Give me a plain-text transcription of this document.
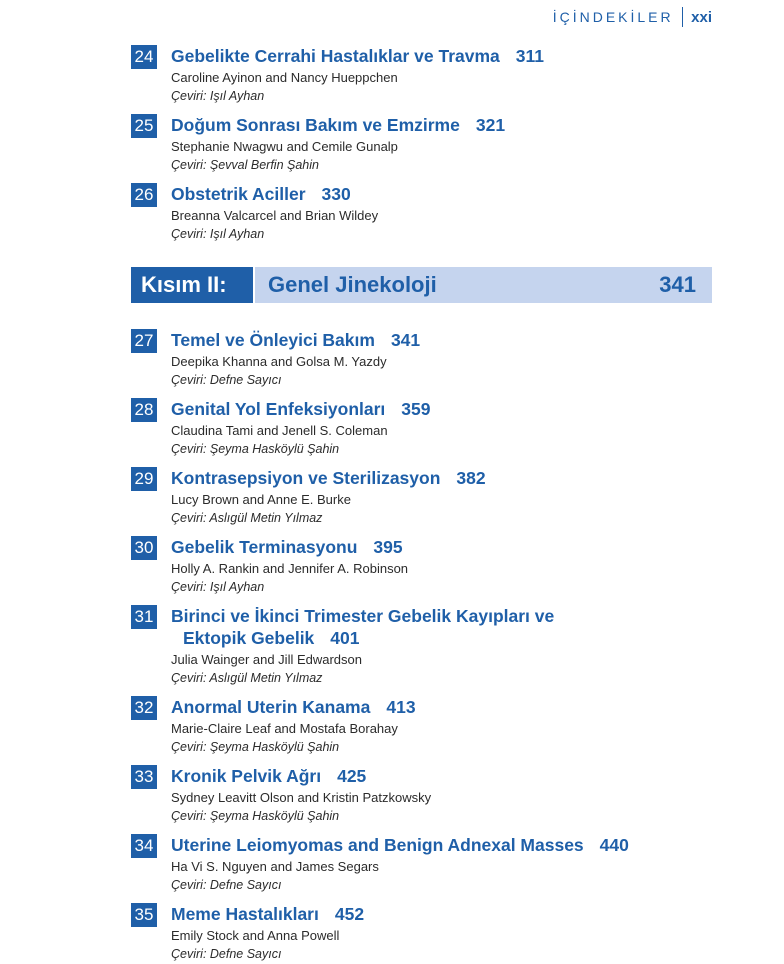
İÇİNDEKİLER xxi
24 Gebelikte Cerrahi Hastalıklar ve Travma 311
Caroline Ayinon and Nancy Hueppchen
Çeviri: Işıl Ayhan
25 Doğum Sonrası Bakım ve Emzirme 321
Stephanie Nwagwu and Cemile Gunalp
Çeviri: Şevval Berfin Şahin
26 Obstetrik Aciller 330
Breanna Valcarcel and Brian Wildey
Çeviri: Işıl Ayhan
Kısım II:	Genel Jinekoloji	341
27 Temel ve Önleyici Bakım 341
Deepika Khanna and Golsa M. Yazdy
Çeviri: Defne Sayıcı
28 Genital Yol Enfeksiyonları 359
Claudina Tami and Jenell S. Coleman
Çeviri: Şeyma Hasköylü Şahin
29 Kontrasepsiyon ve Sterilizasyon 382
Lucy Brown and Anne E. Burke
Çeviri: Aslıgül Metin Yılmaz
30 Gebelik Terminasyonu 395
Holly A. Rankin and Jennifer A. Robinson
Çeviri: Işıl Ayhan
31 Birinci ve İkinci Trimester Gebelik Kayıpları ve
Ektopik Gebelik 401
Julia Wainger and Jill Edwardson
Çeviri: Aslıgül Metin Yılmaz
32 Anormal Uterin Kanama 413
Marie-Claire Leaf and Mostafa Borahay
Çeviri: Şeyma Hasköylü Şahin
33 Kronik Pelvik Ağrı 425
Sydney Leavitt Olson and Kristin Patzkowsky
Çeviri: Şeyma Hasköylü Şahin
34 Uterine Leiomyomas and Benign Adnexal Masses 440
Ha Vi S. Nguyen and James Segars
Çeviri: Defne Sayıcı
35 Meme Hastalıkları 452
Emily Stock and Anna Powell
Çeviri: Defne Sayıcı
